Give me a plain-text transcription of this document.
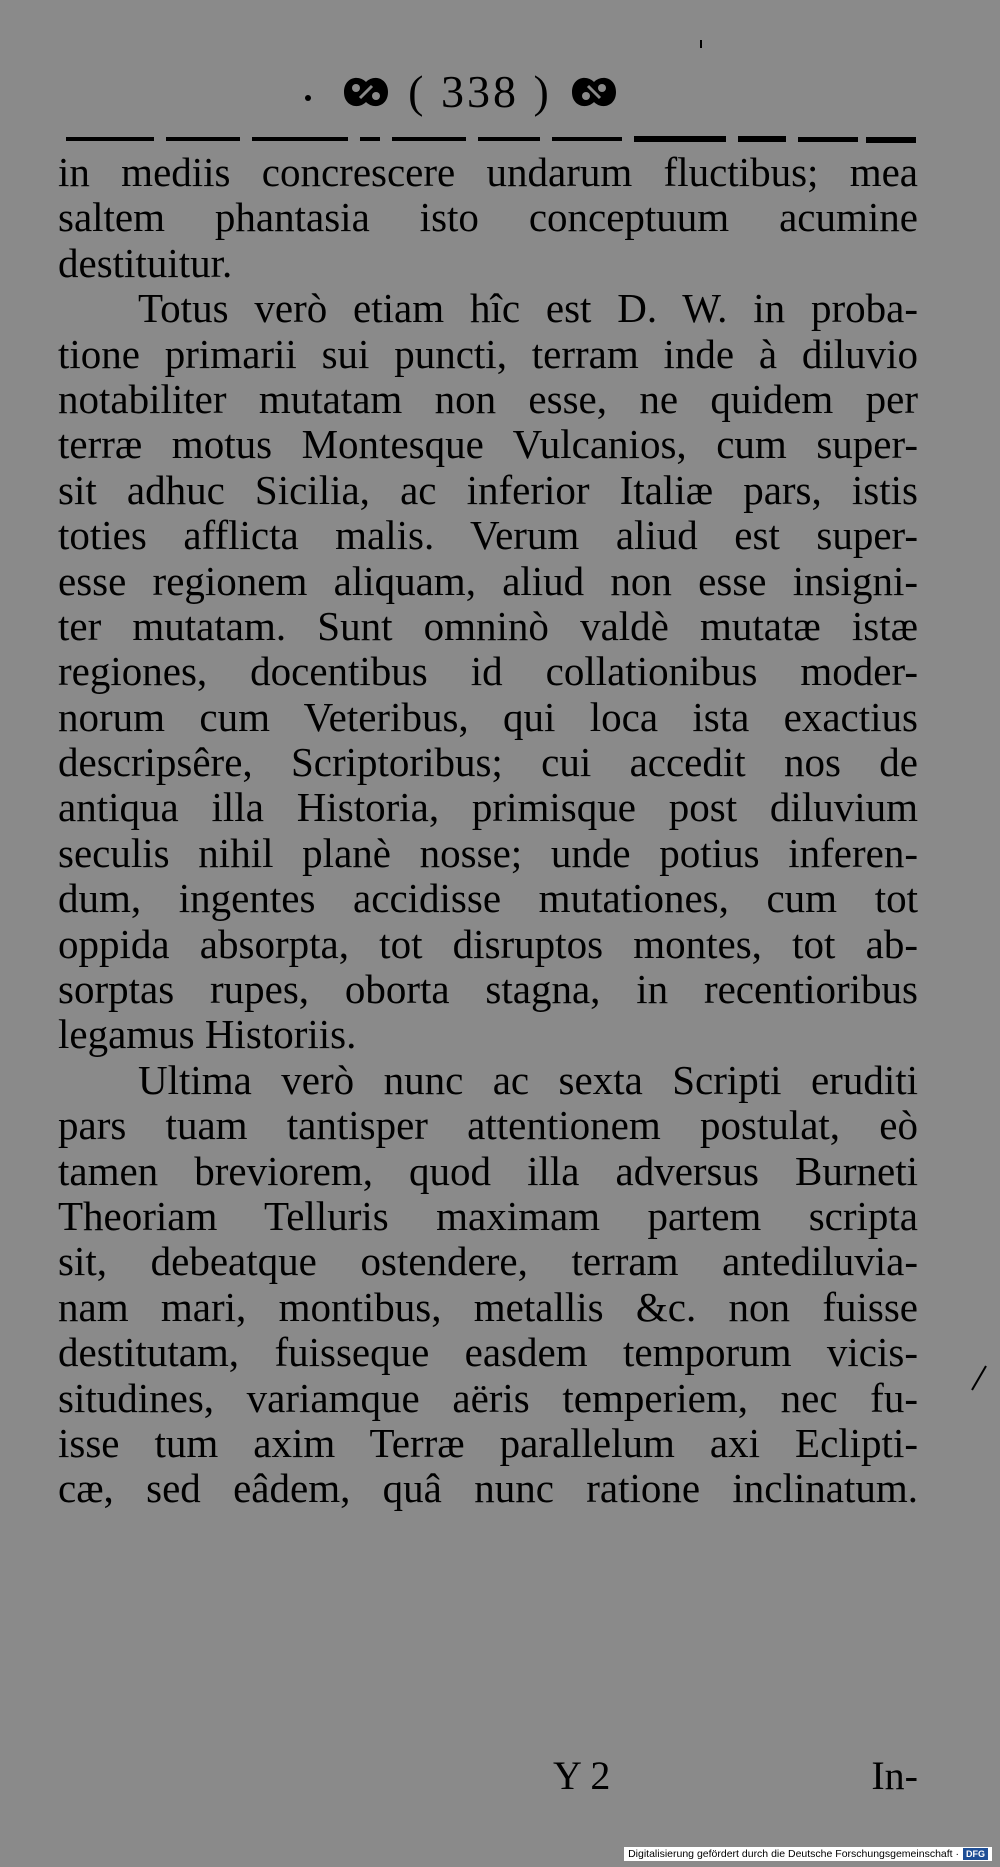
( 338 )
in mediis concrescere undarum fluctibus; mea
saltem phantasia isto conceptuum acumine
destituitur.
Totus verò etiam hîc est D. W. in proba-
tione primarii sui puncti, terram inde à diluvio
notabiliter mutatam non esse, ne quidem per
terræ motus Montesque Vulcanios, cum super-
sit adhuc Sicilia, ac inferior Italiæ pars, istis
toties afflicta malis. Verum aliud est super-
esse regionem aliquam, aliud non esse insigni-
ter mutatam. Sunt omninò valdè mutatæ istæ
regiones, docentibus id collationibus moder-
norum cum Veteribus, qui loca ista exactius
descripsêre, Scriptoribus; cui accedit nos de
antiqua illa Historia, primisque post diluvium
seculis nihil planè nosse; unde potius inferen-
dum, ingentes accidisse mutationes, cum tot
oppida absorpta, tot disruptos montes, tot ab-
sorptas rupes, oborta stagna, in recentioribus
legamus Historiis.
Ultima verò nunc ac sexta Scripti eruditi
pars tuam tantisper attentionem postulat, eò
tamen breviorem, quod illa adversus Burneti
Theoriam Telluris maximam partem scripta
sit, debeatque ostendere, terram antediluvia-
nam mari, montibus, metallis &c. non fuisse
destitutam, fuisseque easdem temporum vicis-
situdines, variamque aëris temperiem, nec fu-
isse tum axim Terræ parallelum axi Eclipti-
cæ, sed eâdem, quâ nunc ratione inclinatum.
Y 2	In-
Digitalisierung gefördert durch die Deutsche Forschungsgemeinschaft · DFG
